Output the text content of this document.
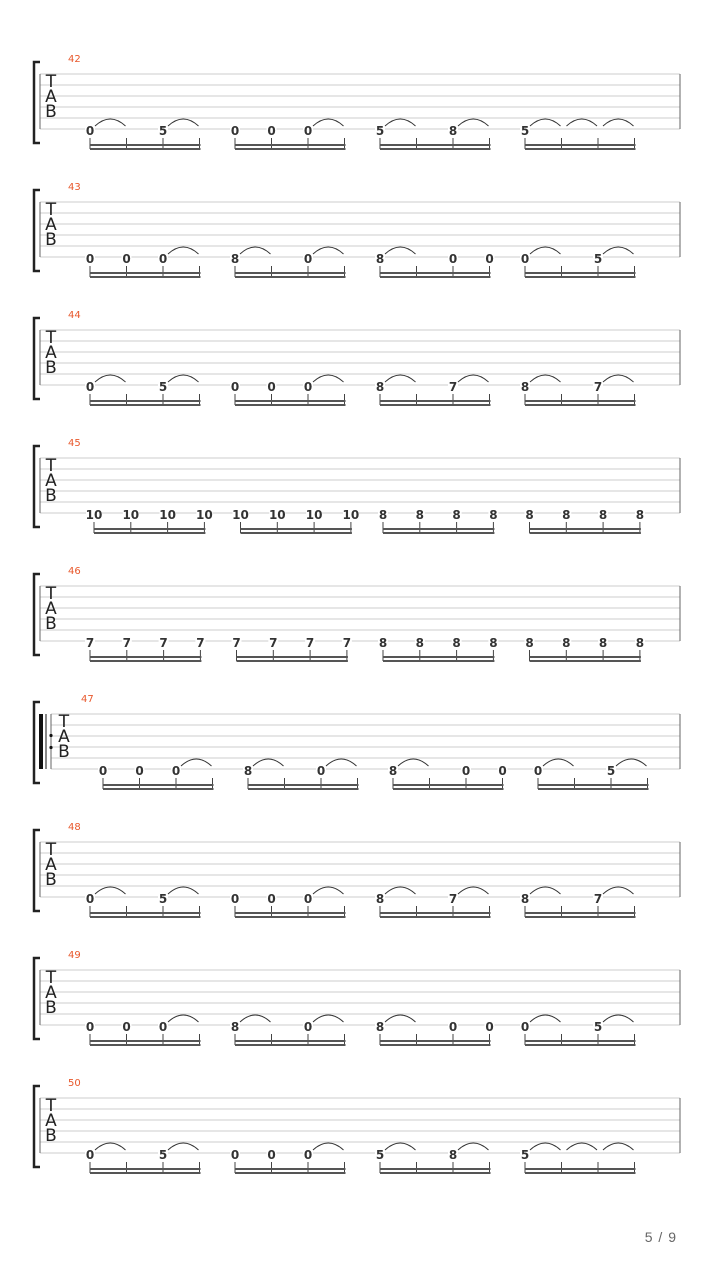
42
T
A
B
0	5	0 0 0	5	8	5
43
T
A
B
0 0 0	8	0	8	0 0 0	5
44
T
A
B
0	5	0 0 0	8	7	8	7
45
T
A
B
10 10 10 10 10 10 10 10 8 8 8 8 8 8 8 8
46
T
A
B
7 7 7 7 7 7 7 7 8 8 8 8 8 8 8 8
47
T
A
B
0 0 0	8	0	8	0 0 0	5
48
T
A
B
0	5	0 0 0	8	7	8	7
49
T
A
B
0 0 0	8	0	8	0 0 0	5
50
T
A
B
0	5	0 0 0	5	8	5
5 / 9
